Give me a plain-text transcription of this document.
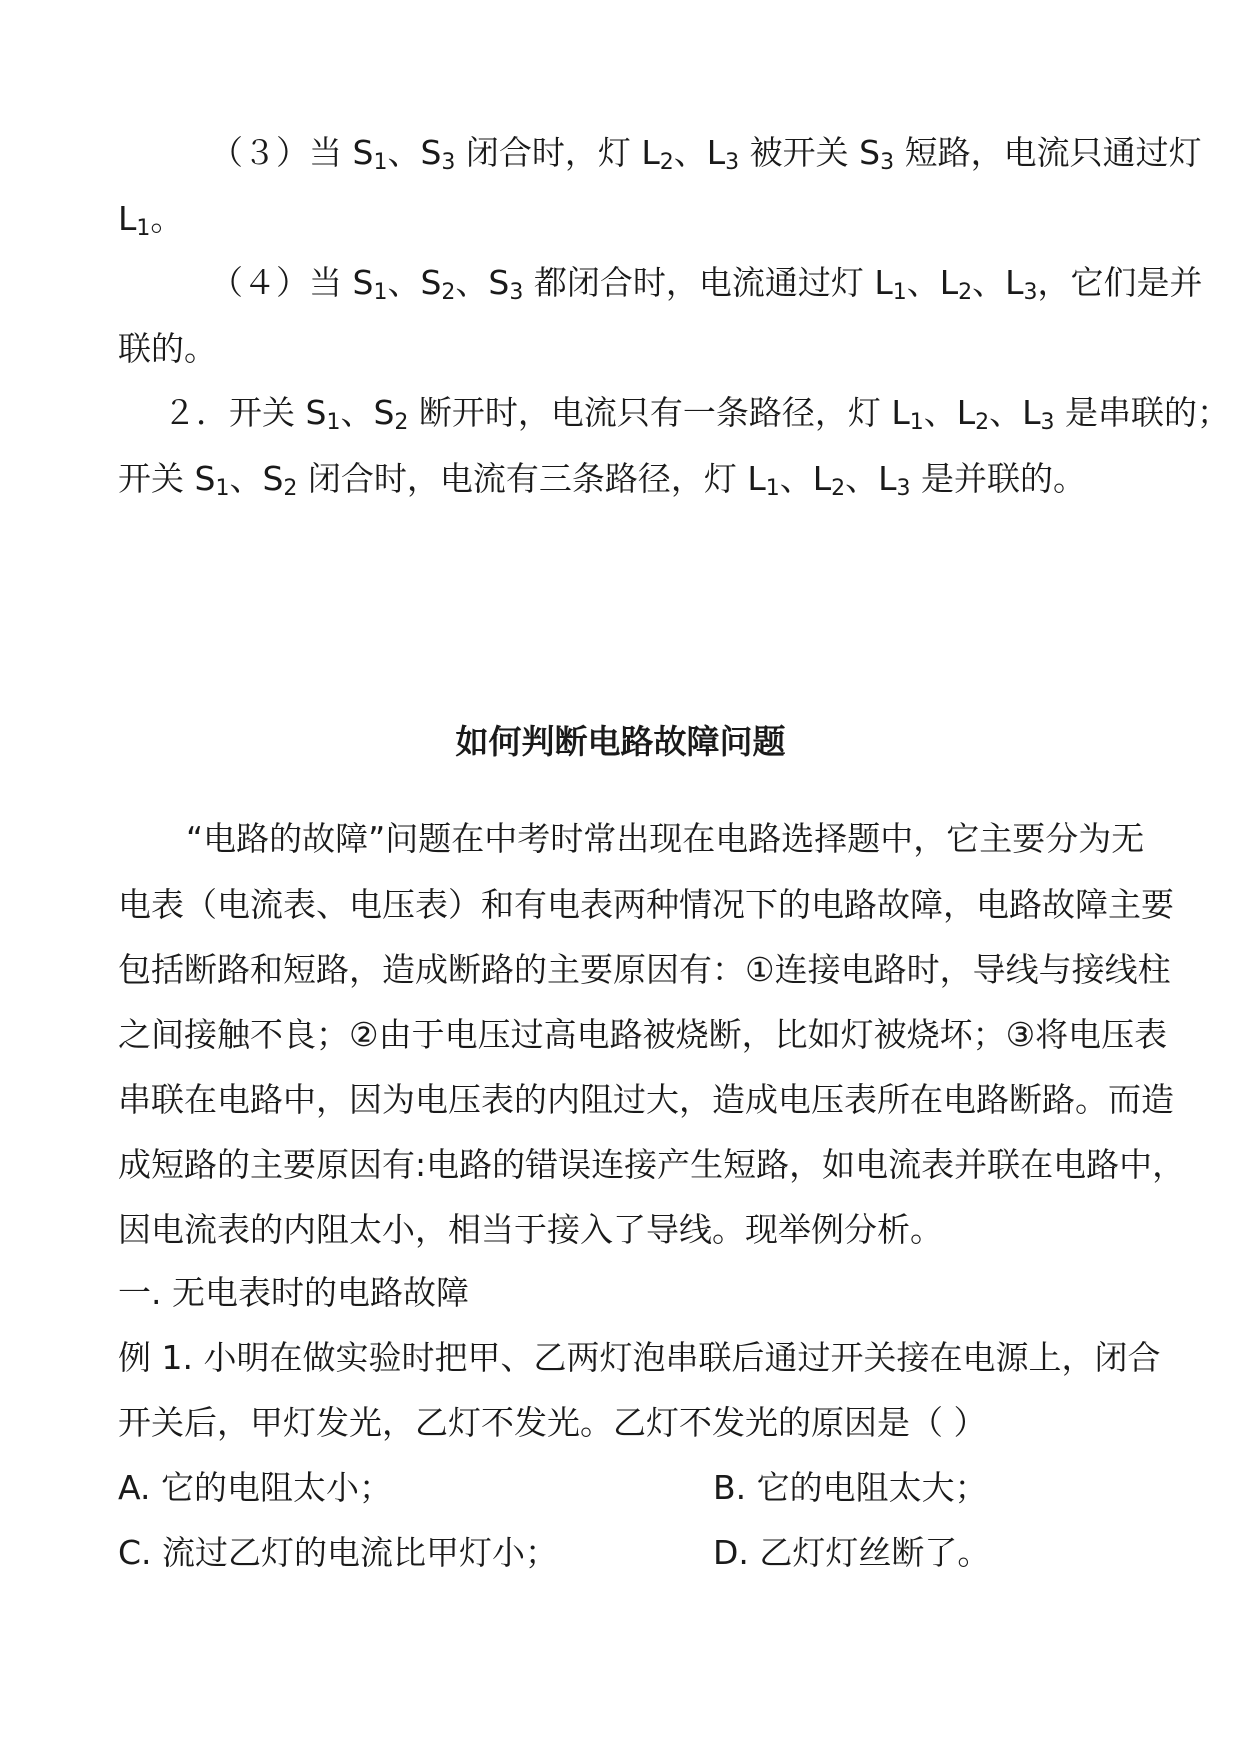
（３）当 $S_1$、$S_3$ 闭合时，灯 $L_2$、$L_3$ 被开关 $S_3$ 短路，电流只通过灯
$L_1$。
（４）当 $S_1$、$S_2$、$S_3$ 都闭合时，电流通过灯 $L_1$、$L_2$、$L_3$，它们是并
联的。
２．开关 $S_1$、$S_2$ 断开时，电流只有一条路径，灯 $L_1$、$L_2$、$L_3$ 是串联的；
开关 $S_1$、$S_2$ 闭合时，电流有三条路径，灯 $L_1$、$L_2$、$L_3$ 是并联的。
如何判断电路故障问题
“电路的故障”问题在中考时常出现在电路选择题中，它主要分为无
电表（电流表、电压表）和有电表两种情况下的电路故障，电路故障主要
包括断路和短路，造成断路的主要原因有：①连接电路时，导线与接线柱
之间接触不良；②由于电压过高电路被烧断，比如灯被烧坏；③将电压表
串联在电路中，因为电压表的内阻过大，造成电压表所在电路断路。而造
成短路的主要原因有:电路的错误连接产生短路，如电流表并联在电路中，
因电流表的内阻太小，相当于接入了导线。现举例分析。
一. 无电表时的电路故障
例 1. 小明在做实验时把甲、乙两灯泡串联后通过开关接在电源上，闭合
开关后，甲灯发光，乙灯不发光。乙灯不发光的原因是（ ）
A. 它的电阻太小；	B. 它的电阻太大；
C. 流过乙灯的电流比甲灯小；	D. 乙灯灯丝断了。
